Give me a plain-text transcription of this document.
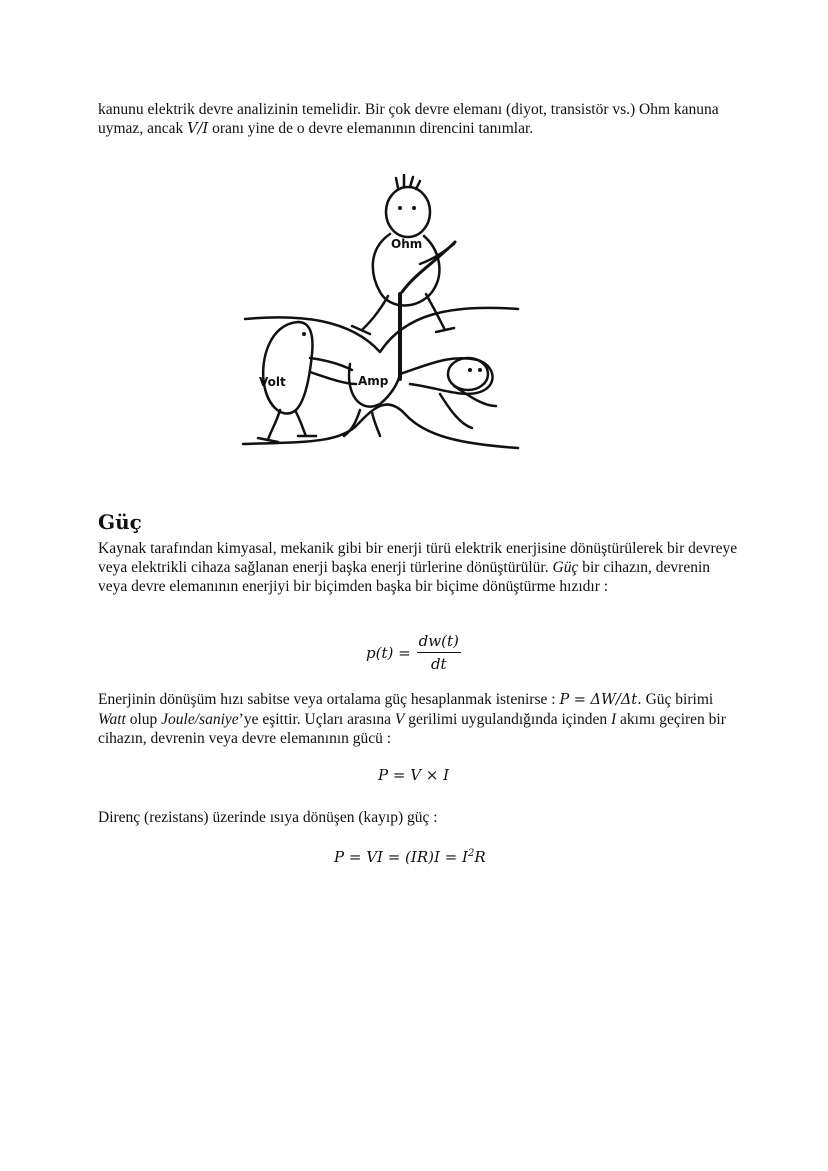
kanunu elektrik devre analizinin temelidir. Bir çok devre elemanı (diyot, transistör vs.) Ohm kanuna uymaz, ancak V/I oranı yine de o devre elemanının direncini tanımlar.

Ohm
Volt	Amp
Güç

Kaynak tarafından kimyasal, mekanik gibi bir enerji türü elektrik enerjisine dönüştürülerek bir devreye veya elektrikli cihaza sağlanan enerji başka enerji türlerine dönüştürülür. Güç bir cihazın, devrenin veya devre elemanının enerjiyi bir biçimden başka bir biçime dönüştürme hızıdır :

$p(t) = \frac{dw(t)}{dt}$

Enerjinin dönüşüm hızı sabitse veya ortalama güç hesaplanmak istenirse : P = ΔW/Δt. Güç birimi Watt olup Joule/saniye’ye eşittir. Uçları arasına V gerilimi uygulandığında içinden I akımı geçiren bir cihazın, devrenin veya devre elemanının gücü :

P = V × I

Direnç (rezistans) üzerinde ısıya dönüşen (kayıp) güç :

P = VI = $(IR)I = I^2R$
